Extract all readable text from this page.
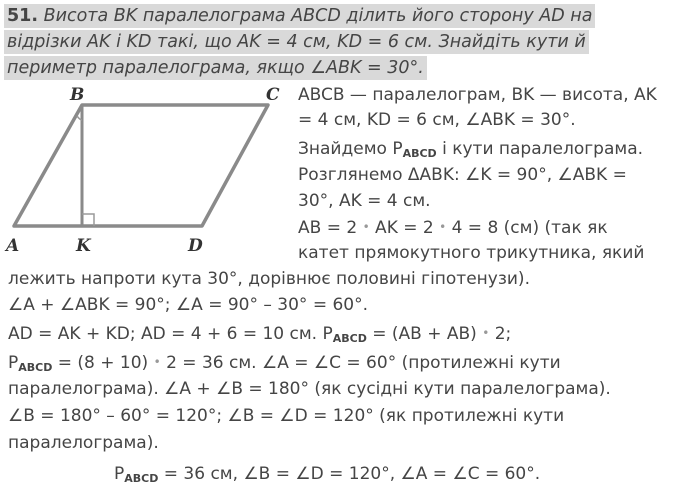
51. Висота BK паралелограма ABCD ділить його сторону AD на
відрізки AK і KD такі, що AK = 4 см, KD = 6 см. Знайдіть кути й
периметр паралелограма, якщо ∠ABK = 30°.
B	C
A	K	D
ABCB — паралелограм, BK — висота, AK
= 4 см, KD = 6 см, ∠ABK = 30°.
Знайдемо $P_{ABCD}$ і кути паралелограма.
Розглянемо ΔABK: ∠K = 90°, ∠ABK =
30°, AK = 4 см.
AB = 2 • AK = 2 • 4 = 8 (см) (так як
катет прямокутного трикутника, який
лежить напроти кута 30°, дорівнює половині гіпотенузи).
∠A + ∠ABK = 90°; ∠A = 90° – 30° = 60°.
AD = AK + KD; AD = 4 + 6 = 10 см. $P_{ABCD} = (AB + AB)$ • 2;
$P_{ABCD} = (8 + 10)$ • 2 = 36 см. ∠A = ∠C = 60° (протилежні кути
паралелограма). ∠A + ∠B = 180° (як сусідні кути паралелограма).
∠B = 180° – 60° = 120°; ∠B = ∠D = 120° (як протилежні кути
паралелограма).
$P_{ABCD} = 36$ см, ∠B = ∠D = 120°, ∠A = ∠C = 60°.
